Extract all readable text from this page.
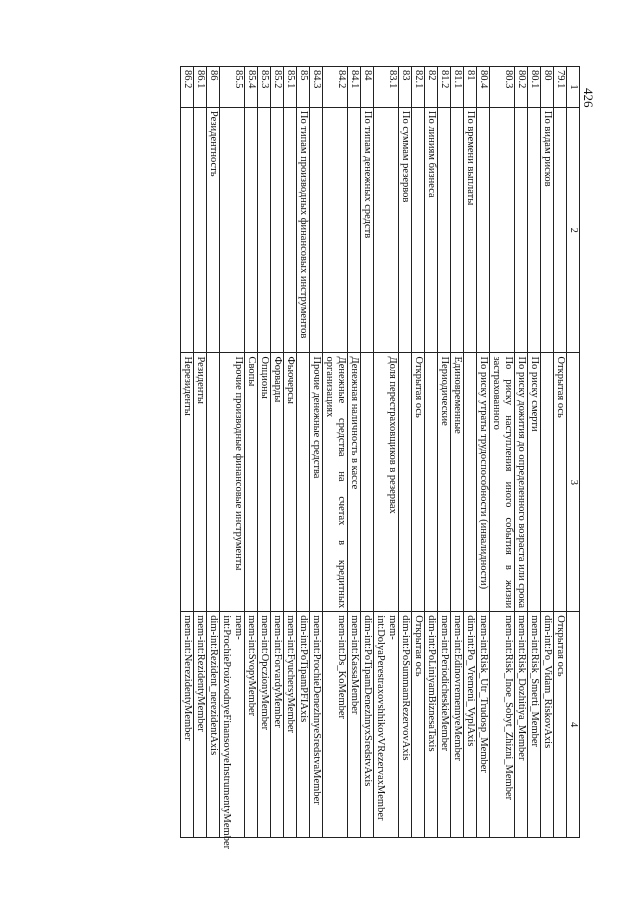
426
1	2	3	4
79.1		Открытая ось	Открытая ось
80	По видам рисков		dim-int:Po_Vidam_RiskovAxis
80.1		По риску смерти	mem-int:Risk_Smerti_Member
80.2		По риску дожития до определенного возраста или срока	mem-int:Risk_Dozhitiya_Member
80.3		По риску наступления иного события в жизни застрахованного	mem-int:Risk_Inoe_Sobyt_Zhizni_Member
80.4		По риску утраты трудоспособности (инвалидности)	mem-int:Risk_Utr_Trudosp_Member
81	По времени выплаты		dim-int:Po_Vremeni_VyplAxis
81.1		Единовременные	mem-int:EdinovremennyeMember
81.2		Периодические	mem-int:PeriodicheskieMember
82	По линиям бизнеса		dim-int:PoLiniyamBiznesaTaxis
82.1		Открытая ось	Открытая ось
83	По суммам резервов		dim-int:PoSummamRezervovAxis
83.1		Доля перестраховщиков в резервах	mem-int:DolyaPerestraxovshhikovVRezervaxMember
84	По типам денежных средств		dim-int:PoTipamDenezhnyxSredstvAxis
84.1		Денежная наличность в кассе	mem-int:KassaMember
84.2		Денежные средства на счетах в кредитных организациях	mem-int:Ds_KoMember
84.3		Прочие денежные средства	mem-int:ProchieDenezhnyeSredstvaMember
85	По типам производных финансовых инструментов		dim-int:PoTipamPFIAxis
85.1		Фьючерсы	mem-int:FyuchersyMember
85.2		Форварды	mem-int:ForvardyMember
85.3		Опционы	mem-int:OpczionyMember
85.4		Свопы	mem-int:SvopyMember
85.5		Прочие производные финансовые инструменты	mem-int:ProchieProizvodnyeFinansovyeInstrumentyMember
86	Резидентность		dim-int:Rezident_nerezidentAxis
86.1		Резиденты	mem-int:RezidentyMember
86.2		Нерезиденты	mem-int:NerezidentyMember
